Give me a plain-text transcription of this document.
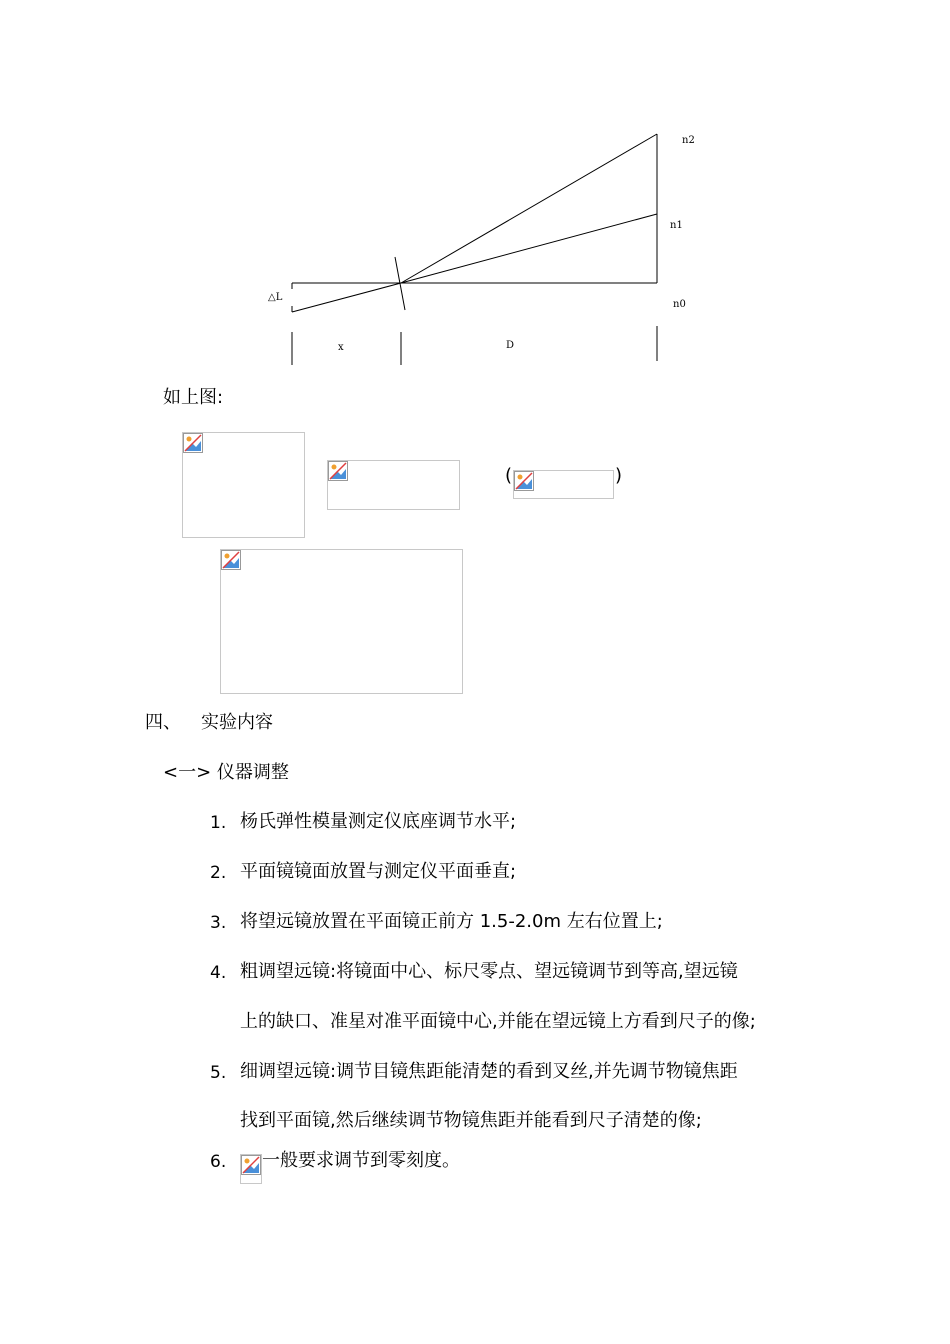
n2
n1
n0
△L
x	D
如上图:
(	)
四、 实验内容
<一> 仪器调整
1. 杨氏弹性模量测定仪底座调节水平;
2. 平面镜镜面放置与测定仪平面垂直;
3. 将望远镜放置在平面镜正前方 1.5-2.0m 左右位置上;
4. 粗调望远镜:将镜面中心、标尺零点、望远镜调节到等高,望远镜
上的缺口、准星对准平面镜中心,并能在望远镜上方看到尺子的像;
5. 细调望远镜:调节目镜焦距能清楚的看到叉丝,并先调节物镜焦距
找到平面镜,然后继续调节物镜焦距并能看到尺子清楚的像;
6. 一般要求调节到零刻度。
